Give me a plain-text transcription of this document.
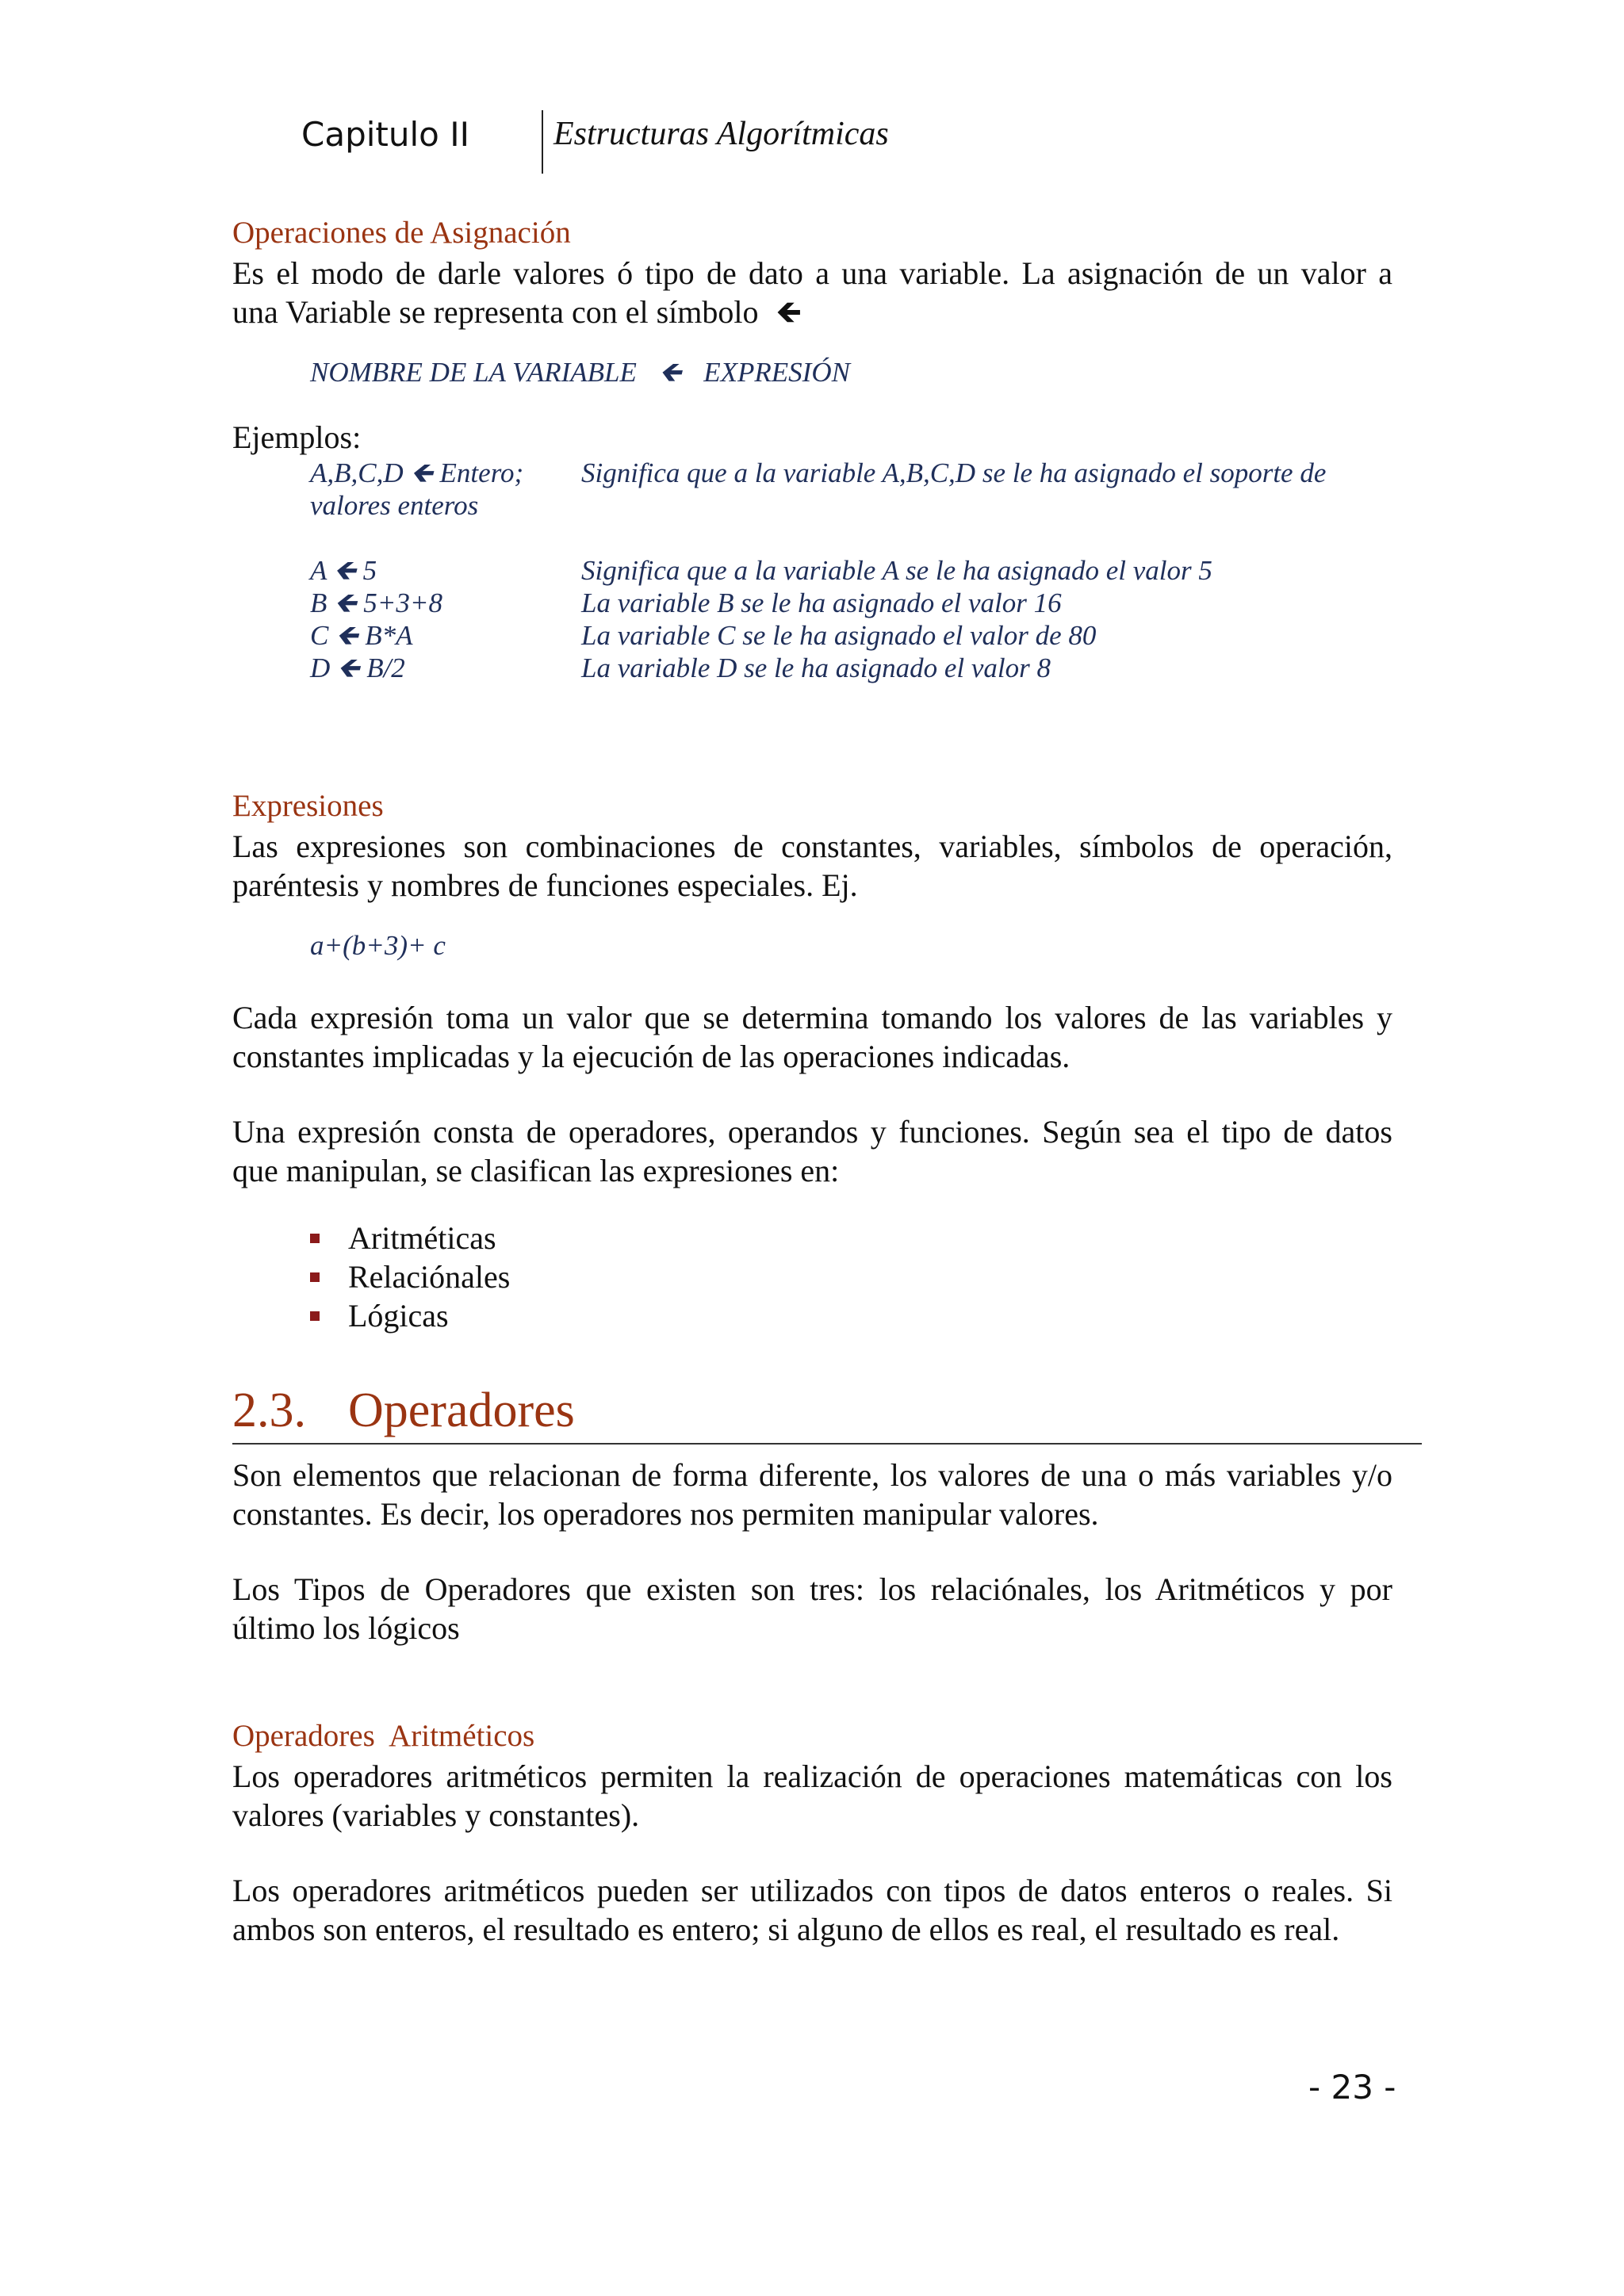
Capitulo II	Estructuras Algorítmicas

Operaciones de Asignación

Es el modo de darle valores ó tipo de dato a una variable. La asignación de un valor a

una Variable se representa con el símbolo 🡸

NOMBRE DE LA VARIABLE 🡸 EXPRESIÓN
Ejemplos:
A,B,C,D 🡸 Entero; Significa que a la variable A,B,C,D se le ha asignado el soporte de
valores enteros
A 🡸 5	Significa que a la variable A se le ha asignado el valor 5
B 🡸 5+3+8	La variable B se le ha asignado el valor 16
C 🡸 B*A	La variable C se le ha asignado el valor de 80
D 🡸 B/2	La variable D se le ha asignado el valor 8

Expresiones

Las expresiones son combinaciones de constantes, variables, símbolos de operación,

paréntesis y nombres de funciones especiales. Ej.

a+(b+3)+ c

Cada expresión toma un valor que se determina tomando los valores de las variables y

constantes implicadas y la ejecución de las operaciones indicadas.

Una expresión consta de operadores, operandos y funciones. Según sea el tipo de datos

que manipulan, se clasifican las expresiones en:

Aritméticas
Relaciónales
Lógicas
2.3. Operadores

Son elementos que relacionan de forma diferente, los valores de una o más variables y/o

constantes. Es decir, los operadores nos permiten manipular valores.

Los Tipos de Operadores que existen son tres: los relaciónales, los Aritméticos y por

último los lógicos

Operadores  Aritméticos

Los operadores aritméticos permiten la realización de operaciones matemáticas con los

valores (variables y constantes).

Los operadores aritméticos pueden ser utilizados con tipos de datos enteros o reales. Si

ambos son enteros, el resultado es entero; si alguno de ellos es real, el resultado es real.

- 23 -
